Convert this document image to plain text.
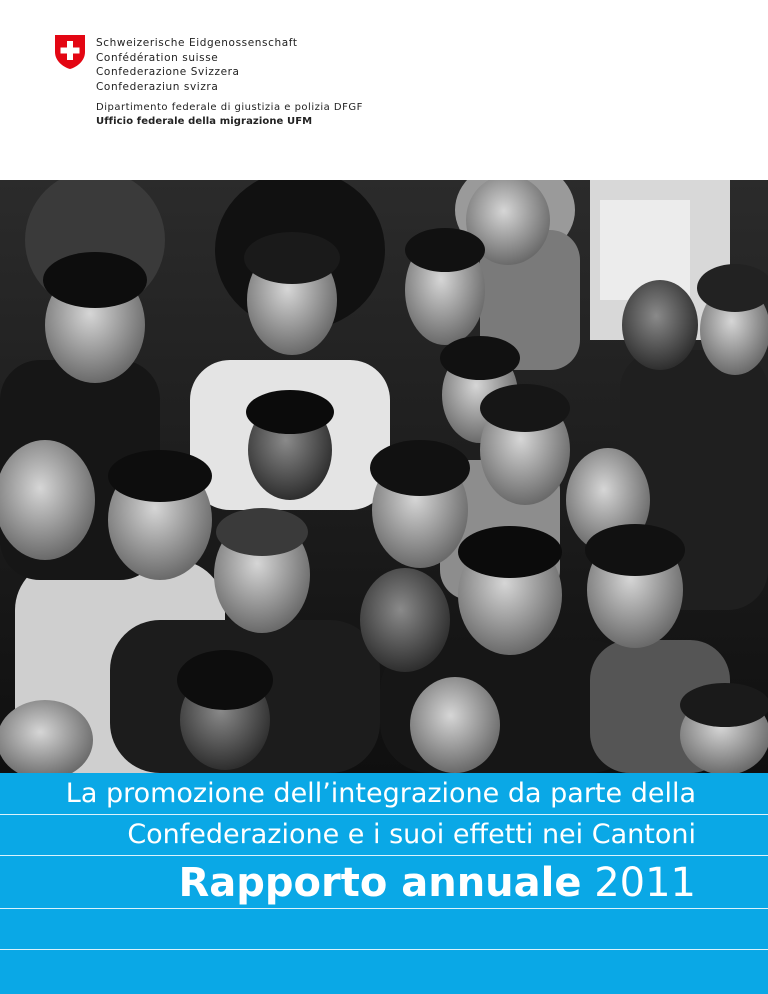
Schweizerische Eidgenossenschaft
Confédération suisse
Confederazione Svizzera
Confederaziun svizra
Dipartimento federale di giustizia e polizia DFGF
Ufficio federale della migrazione UFM
La promozione dell’integrazione da parte della
Confederazione e i suoi effetti nei Cantoni
Rapporto annuale 2011
